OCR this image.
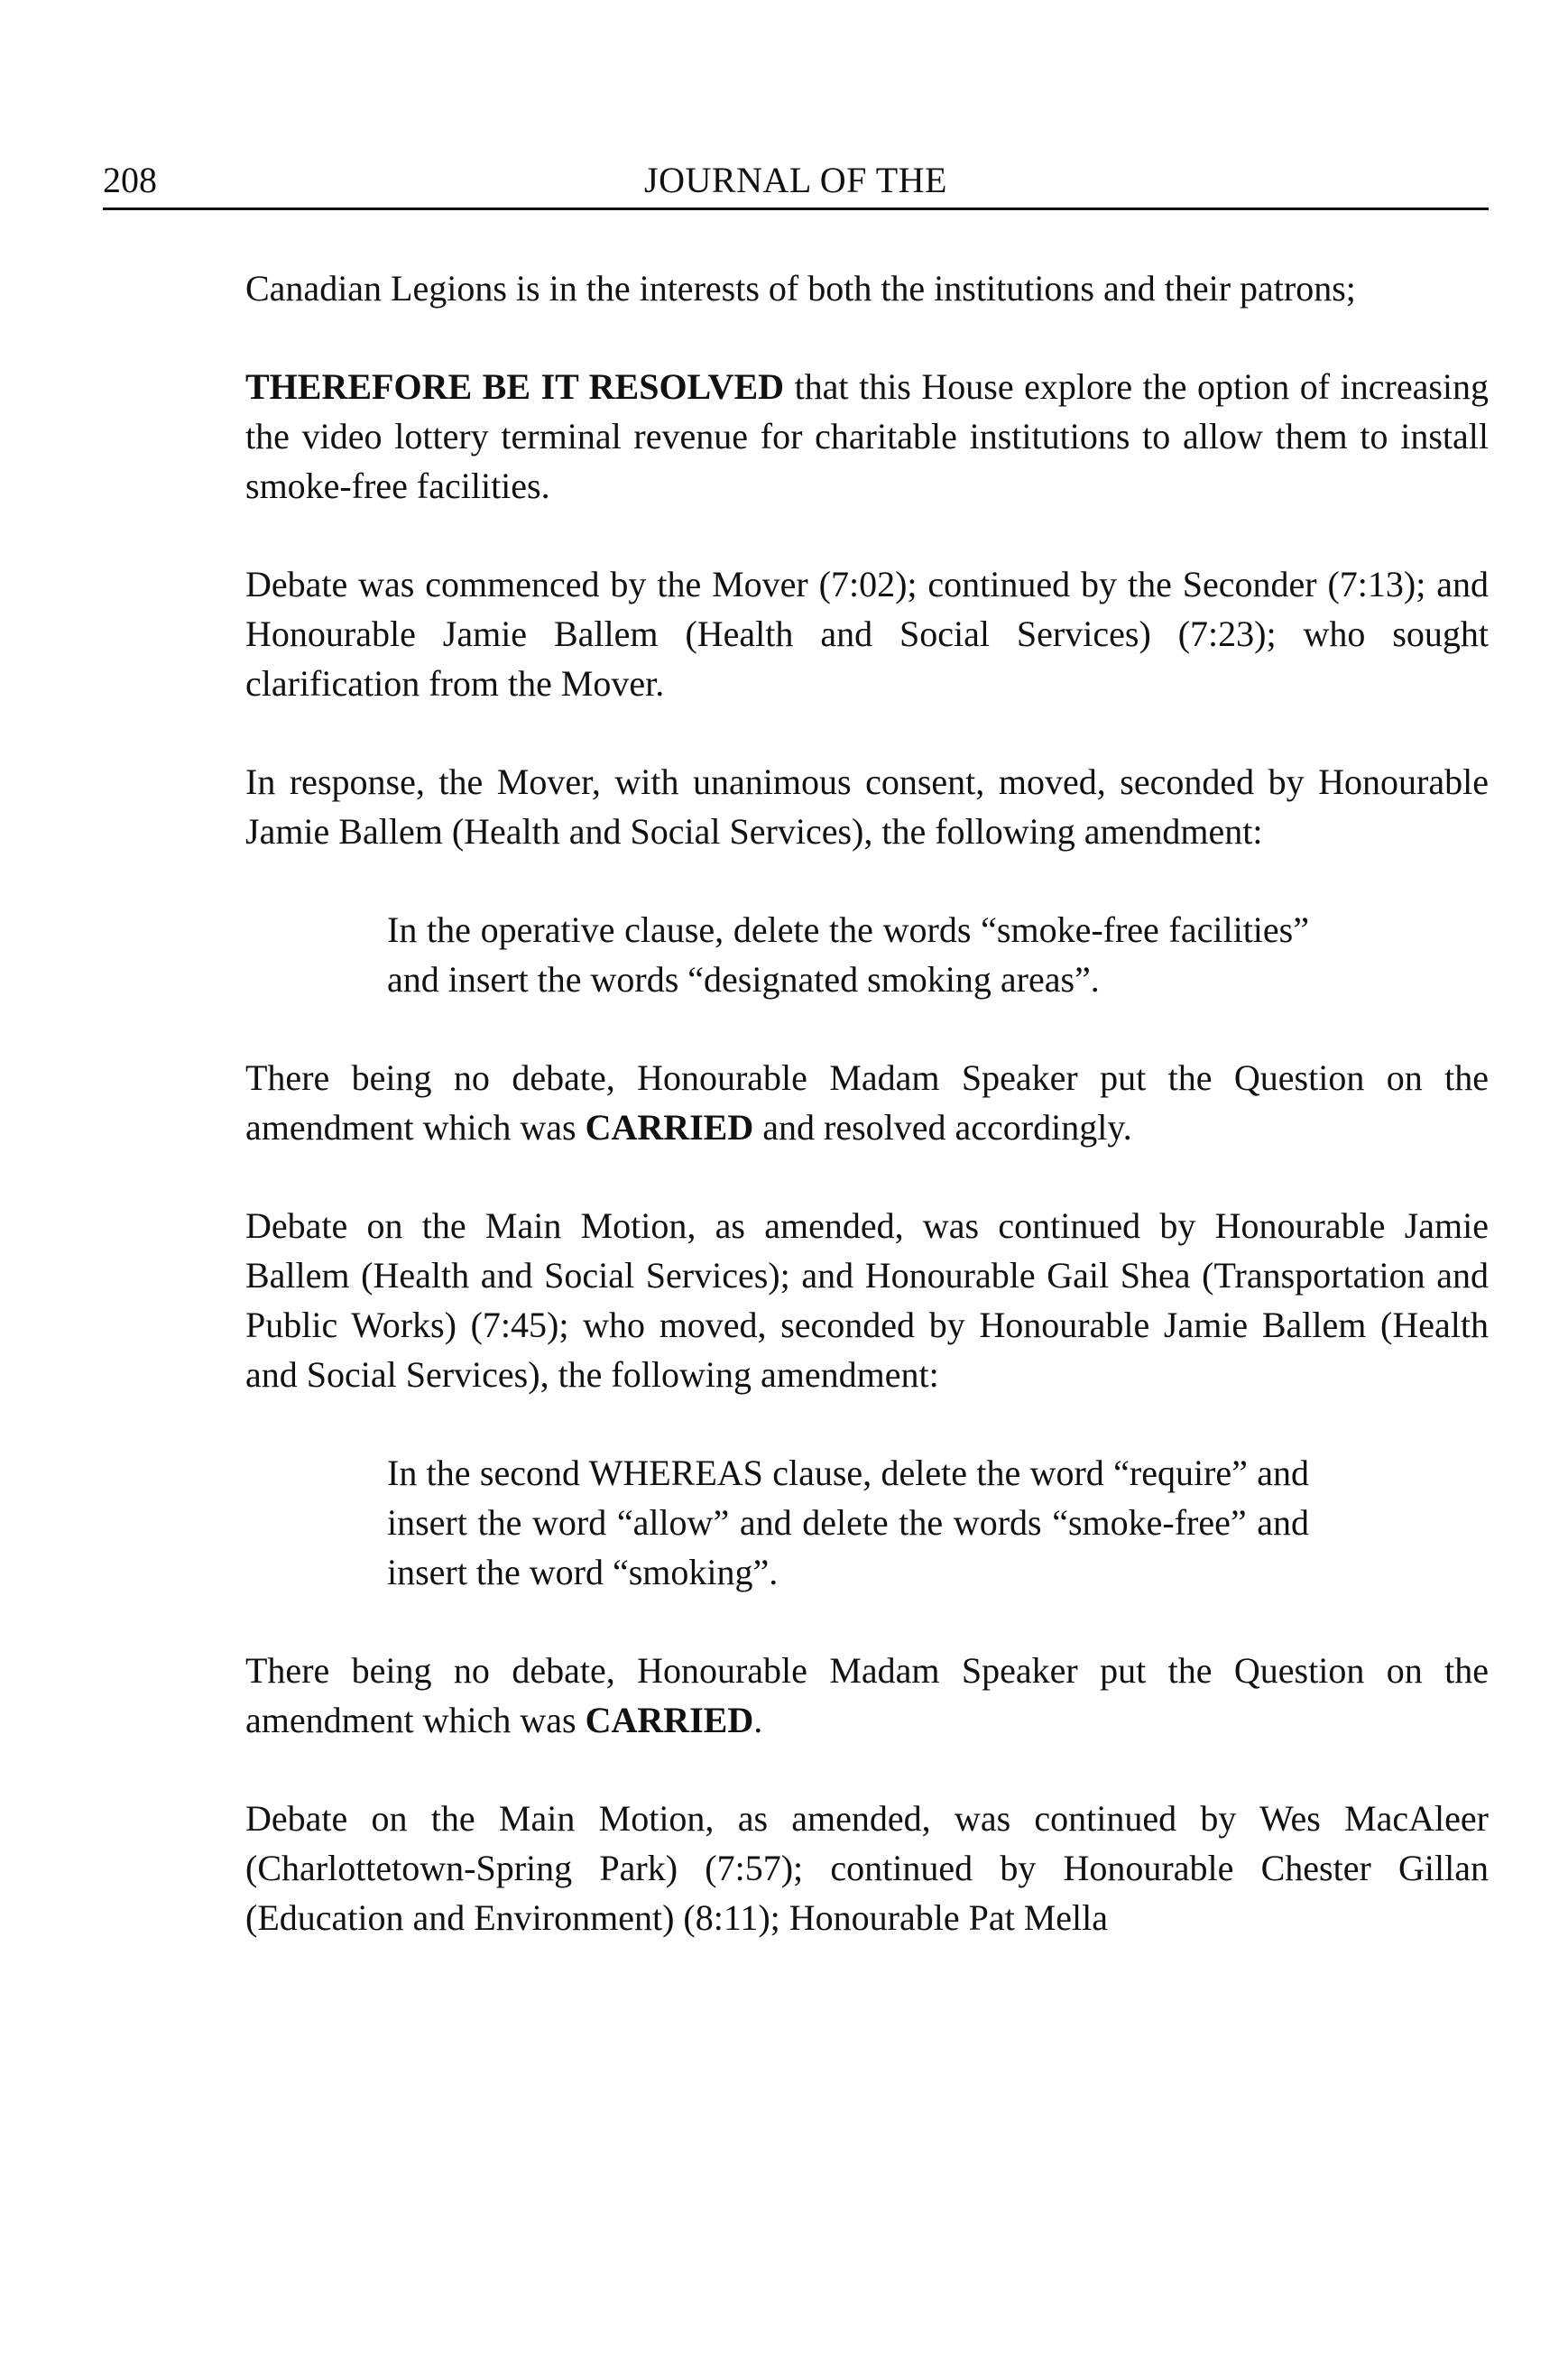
208	JOURNAL OF THE

Canadian Legions is in the interests of both the institutions and their patrons;

THEREFORE BE IT RESOLVED that this House explore the option of increasing the video lottery terminal revenue for charitable institutions to allow them to install smoke-free facilities.

Debate was commenced by the Mover (7:02); continued by the Seconder (7:13); and Honourable Jamie Ballem (Health and Social Services) (7:23); who sought clarification from the Mover.

In response, the Mover, with unanimous consent, moved, seconded by Honourable Jamie Ballem (Health and Social Services), the following amendment:

In the operative clause, delete the words “smoke-free facilities” and insert the words “designated smoking areas”.

There being no debate, Honourable Madam Speaker put the Question on the amendment which was CARRIED and resolved accordingly.

Debate on the Main Motion, as amended, was continued by Honourable Jamie Ballem (Health and Social Services); and Honourable Gail Shea (Transportation and Public Works) (7:45); who moved, seconded by Honourable Jamie Ballem (Health and Social Services), the following amendment:

In the second WHEREAS clause, delete the word “require” and insert the word “allow” and delete the words “smoke-free” and insert the word “smoking”.

There being no debate, Honourable Madam Speaker put the Question on the amendment which was CARRIED.

Debate on the Main Motion, as amended, was continued by Wes MacAleer (Charlottetown-Spring Park) (7:57); continued by Honourable Chester Gillan (Education and Environment) (8:11); Honourable Pat Mella
